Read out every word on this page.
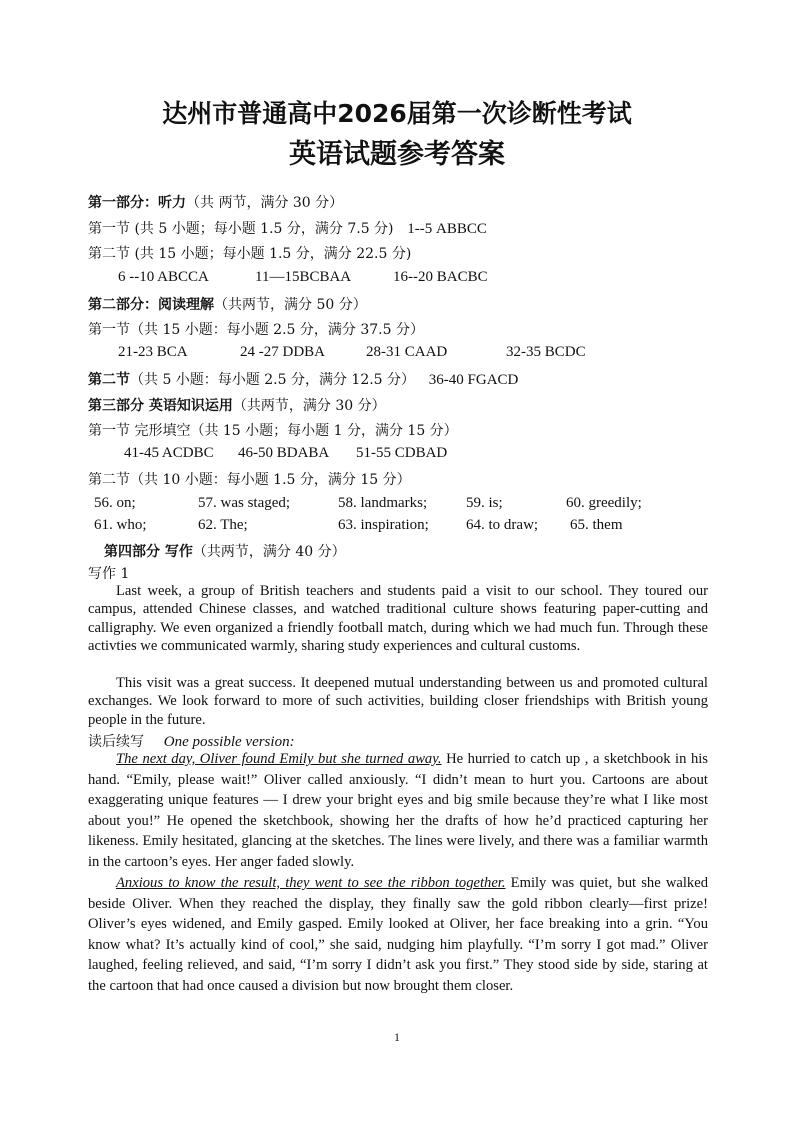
达州市普通高中2026届第一次诊断性考试
英语试题参考答案
第一部分：听力（共 两节，满分 30 分）
第一节 (共 5 小题；每小题 1.5 分，满分 7.5 分) 1--5 ABBCC
第二节 (共 15 小题；每小题 1.5 分，满分 22.5 分)
6 --10 ABCCA	11—15BCBAA	16--20 BACBC
第二部分：阅读理解（共两节，满分 50 分）
第一节（共 15 小题：每小题 2.5 分，满分 37.5 分）
21-23 BCA	24 -27 DDBA	28-31 CAAD	32-35 BCDC
第二节（共 5 小题：每小题 2.5 分，满分 12.5 分） 36-40 FGACD
第三部分 英语知识运用（共两节，满分 30 分）
第一节 完形填空（共 15 小题；每小题 1 分，满分 15 分）
41-45 ACDBC 46-50 BDABA 51-55 CDBAD
第二节（共 10 小题：每小题 1.5 分，满分 15 分）
56. on;	57. was staged;	58. landmarks;	59. is;	60. greedily;
61. who;	62. The;	63. inspiration; 64. to draw; 65. them
第四部分 写作（共两节，满分 40 分）
写作 1
Last week, a group of British teachers and students paid a visit to our school. They toured our campus, attended Chinese classes, and watched traditional culture shows featuring paper-cutting and calligraphy. We even organized a friendly football match, during which we had much fun. Through these activties we communicated warmly, sharing study experiences and cultural customs.
This visit was a great success. It deepened mutual understanding between us and promoted cultural exchanges. We look forward to more of such activities, building closer friendships with British young people in the future.
读后续写 One possible version:
The next day, Oliver found Emily but she turned away. He hurried to catch up , a sketchbook in his hand. “Emily, please wait!” Oliver called anxiously. “I didn’t mean to hurt you. Cartoons are about exaggerating unique features — I drew your bright eyes and big smile because they’re what I like most about you!” He opened the sketchbook, showing her the drafts of how he’d practiced capturing her likeness. Emily hesitated, glancing at the sketches. The lines were lively, and there was a familiar warmth in the cartoon’s eyes. Her anger faded slowly.
Anxious to know the result, they went to see the ribbon together. Emily was quiet, but she walked beside Oliver. When they reached the display, they finally saw the gold ribbon clearly—first prize! Oliver’s eyes widened, and Emily gasped. Emily looked at Oliver, her face breaking into a grin. “You know what? It’s actually kind of cool,” she said, nudging him playfully. “I’m sorry I got mad.” Oliver laughed, feeling relieved, and said, “I’m sorry I didn’t ask you first.” They stood side by side, staring at the cartoon that had once caused a division but now brought them closer.
1
